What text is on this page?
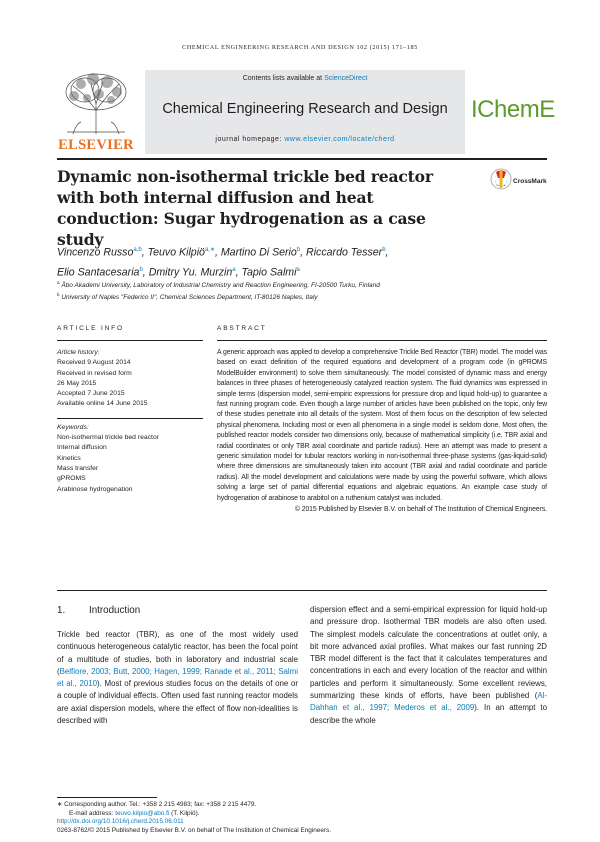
CHEMICAL ENGINEERING RESEARCH AND DESIGN 102 (2015) 171–185
ELSEVIER
Contents lists available at ScienceDirect
Chemical Engineering Research and Design
journal homepage: www.elsevier.com/locate/cherd
IChemE
Dynamic non-isothermal trickle bed reactor with both internal diffusion and heat conduction: Sugar hydrogenation as a case study
CrossMark
Vincenzo Russo$^{a,b}$, Teuvo Kilpiö$^{a,∗}$, Martino Di Serio$^b$, Riccardo Tesser$^b$,
Elio Santacesaria$^b$, Dmitry Yu. Murzin$^a$, Tapio Salmi$^a$
$^a$ Åbo Akademi University, Laboratory of Industrial Chemistry and Reaction Engineering, FI-20500 Turku, Finland
$^b$ University of Naples "Federico II", Chemical Sciences Department, IT-80126 Naples, Italy
ARTICLE INFO	ABSTRACT
Article history:
Received 9 August 2014
Received in revised form
26 May 2015
Accepted 7 June 2015
Available online 14 June 2015
Keywords:
Non-isothermal trickle bed reactor
Internal diffusion
Kinetics
Mass transfer
gPROMS
Arabinose hydrogenation
A generic approach was applied to develop a comprehensive Trickle Bed Reactor (TBR) model. The model was based on exact definition of the required equations and development of a program code (in gPROMS ModelBuilder environment) to solve them simultaneously. The model consisted of dynamic mass and energy balances in three phases of heterogeneously catalyzed reaction system. The fluid dynamics was expressed in simple terms (dispersion model, semi-empiric expressions for pressure drop and liquid hold-up) to guarantee a fast running program code. Even though a large number of articles have been published on the topic, only few of these studies penetrate into all details of the system. Most of them focus on the description of few selected physical phenomena. Including most or even all phenomena in a single model is seldom done. Most often, the published reactor models consider two dimensions only, because of mathematical simplicity (i.e. TBR axial and radial coordinates or only TBR axial coordinate and particle radius). Here an attempt was made to present a generic simulation model for tubular reactors working in non-isothermal three-phase systems (gas-liquid-solid) where three dimensions are simultaneously taken into account (TBR axial and radial coordinate and particle radius). All the model development and calculations were made by using the powerful software, which allows solving a large set of partial differential equations and algebraic equations. An example case study of hydrogenation of arabinose to arabitol on a ruthenium catalyst was included.
© 2015 Published by Elsevier B.V. on behalf of The Institution of Chemical Engineers.
1. Introduction
Trickle bed reactor (TBR), as one of the most widely used continuous heterogeneous catalytic reactor, has been the focal point of a multitude of studies, both in laboratory and industrial scale (Belfiore, 2003; Butt, 2000; Hagen, 1999; Ranade et al., 2011; Salmi et al., 2010). Most of previous studies focus on the details of one or a couple of individual effects. Often used fast running reactor models are axial dispersion models, where the effect of flow non-idealities is described with
dispersion effect and a semi-empirical expression for liquid hold-up and pressure drop. Isothermal TBR models are also often used. The simplest models calculate the concentrations at outlet only, a bit more advanced axial profiles. What makes our fast running 2D TBR model different is the fact that it calculates temperatures and concentrations in each and every location of the reactor and within particles and perform it simultaneously. Some excellent reviews, summarizing these kinds of efforts, have been published (Al-Dahhan et al., 1997; Mederos et al., 2009). In an attempt to describe the whole
∗ Corresponding author. Tel.: +358 2 215 4983; fax: +358 2 215 4479.
E-mail address: teuvo.kilpio@abo.fi (T. Kilpiö).
http://dx.doi.org/10.1016/j.cherd.2015.06.011
0263-8762/© 2015 Published by Elsevier B.V. on behalf of The Institution of Chemical Engineers.
